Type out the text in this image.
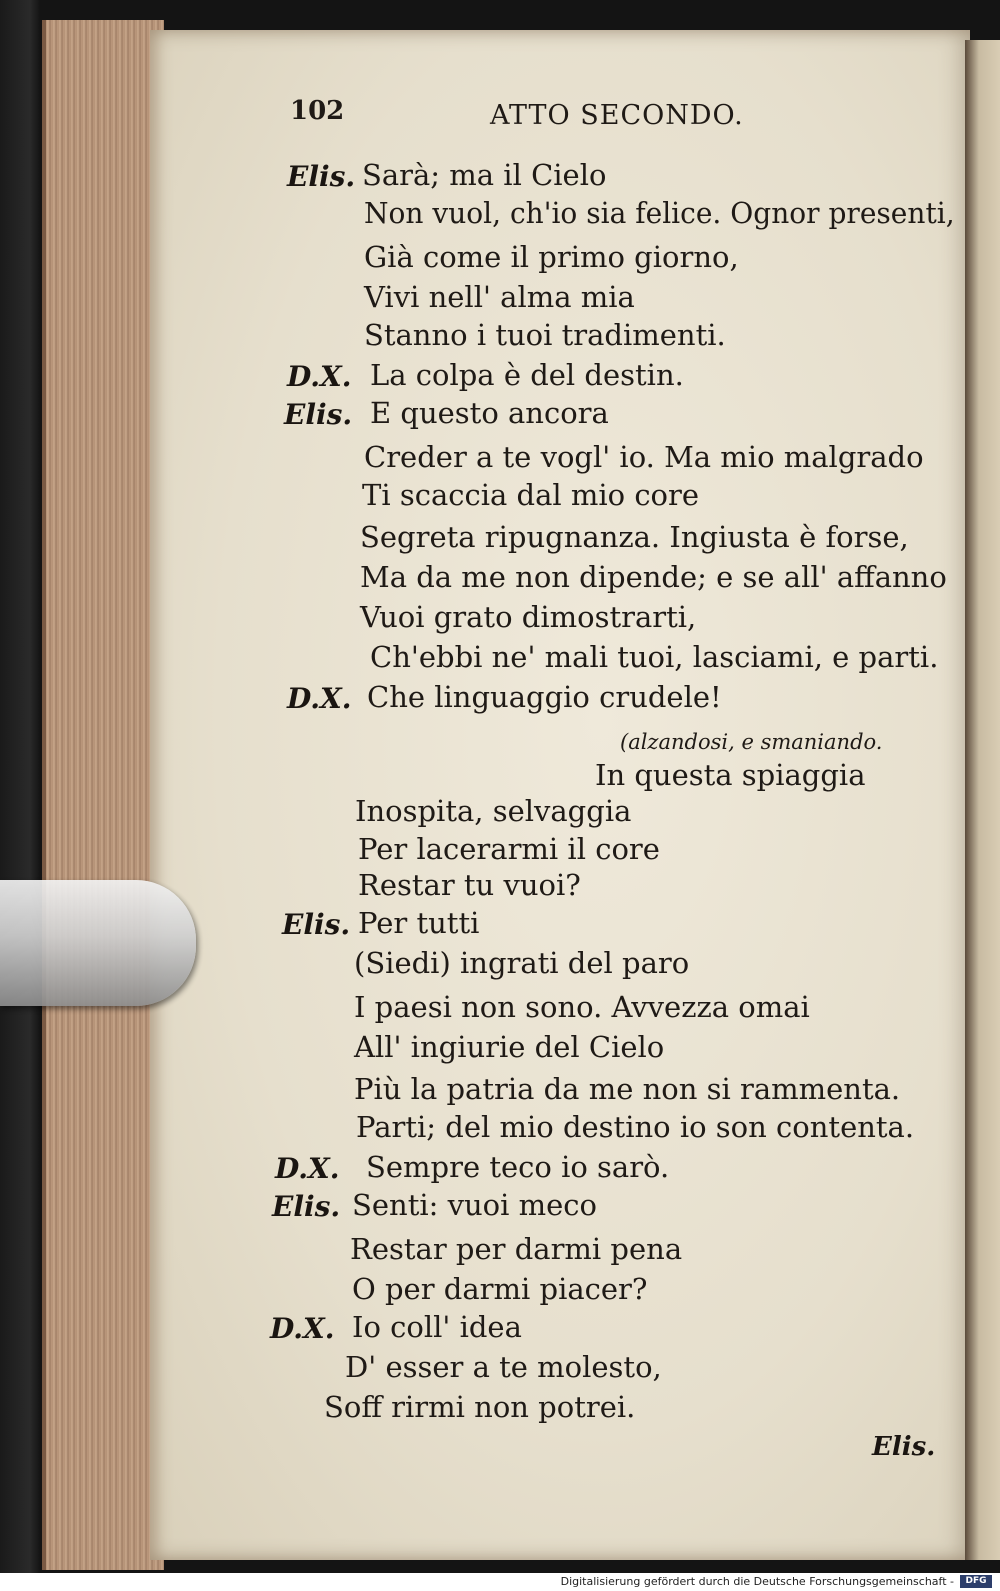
102	ATTO SECONDO.
Elis. Sarà; ma il Cielo
Non vuol, ch'io sia felice. Ognor presenti,
Già come il primo giorno,
Vivi nell' alma mia
Stanno i tuoi tradimenti.
D.X. La colpa è del destin.
Elis. E questo ancora
Creder a te vogl' io. Ma mio malgrado
Ti scaccia dal mio core
Segreta ripugnanza. Ingiusta è forse,
Ma da me non dipende; e se all' affanno
Vuoi grato dimostrarti,
Ch'ebbi ne' mali tuoi, lasciami, e parti.
D.X. Che linguaggio crudele!
(alzandosi, e smaniando.
In questa spiaggia
Inospita, selvaggia
Per lacerarmi il core
Restar tu vuoi?
Elis. Per tutti
(Siedi) ingrati del paro
I paesi non sono. Avvezza omai
All' ingiurie del Cielo
Più la patria da me non si rammenta.
Parti; del mio destino io son contenta.
D.X. Sempre teco io sarò.
Elis. Senti: vuoi meco
Restar per darmi pena
O per darmi piacer?
D.X. Io coll' idea
D' esser a te molesto,
Soff rirmi non potrei.
Elis.
Digitalisierung gefördert durch die Deutsche Forschungsgemeinschaft -	DFG
